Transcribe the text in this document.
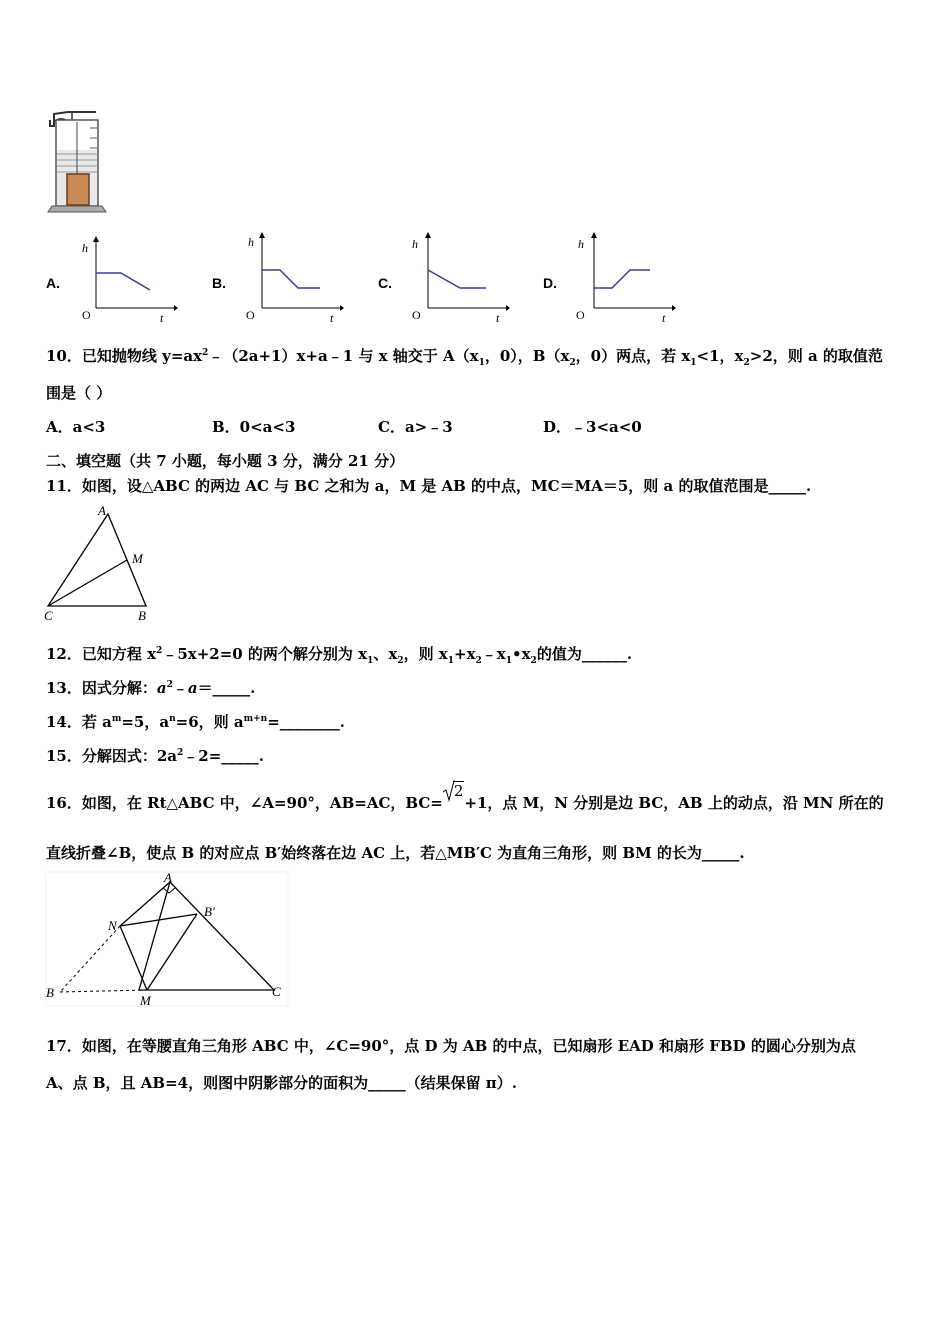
A.
h
O	t
B.
h
O	t
C.
h
O	t
D.
h
O	t
10．已知抛物线 $y=ax^2﹣(2a+1)x+a﹣1$ 与 x 轴交于 $A(x_1$，0），$B(x_2$，0）两点，若 $x_1<1$，$x_2>2$，则 a 的取值范
围是（ ）
A．a<3	B．0<a<3	C．a>﹣3	D．﹣3<a<0
二、填空题（共 7 小题，每小题 3 分，满分 21 分）
11．如图，设△ABC 的两边 AC 与 BC 之和为 a，M 是 AB 的中点，MC＝MA＝5，则 a 的取值范围是_____.
A
M
C	B
12．已知方程 $x^2﹣5x+2=0$ 的两个解分别为 $x_1$、$x_2$，则 $x_1+x_2﹣x_1•x_2$的值为______.
13．因式分解：$a^2﹣a=\_\_\_\_\_$.
14．若 $a^m=5$，$a^n=6$，则 $a^{m+n}=\_\_\_\_\_\_\_\_$.
15．分解因式：$2a^2﹣2=\_\_\_\_\_$.
16．如图，在 Rt△ABC 中，∠A=90°，AB=AC，BC=
2+1，点 M，N 分别是边 BC，AB 上的动点，沿 MN 所在的
直线折叠∠B，使点 B 的对应点 B′始终落在边 AC 上，若△MB′C 为直角三角形，则 BM 的长为_____.
A
B′
N
B
M
C
17．如图，在等腰直角三角形 ABC 中，∠C=90°，点 D 为 AB 的中点，已知扇形 EAD 和扇形 FBD 的圆心分别为点
A、点 B，且 AB=4，则图中阴影部分的面积为_____（结果保留 π）.
